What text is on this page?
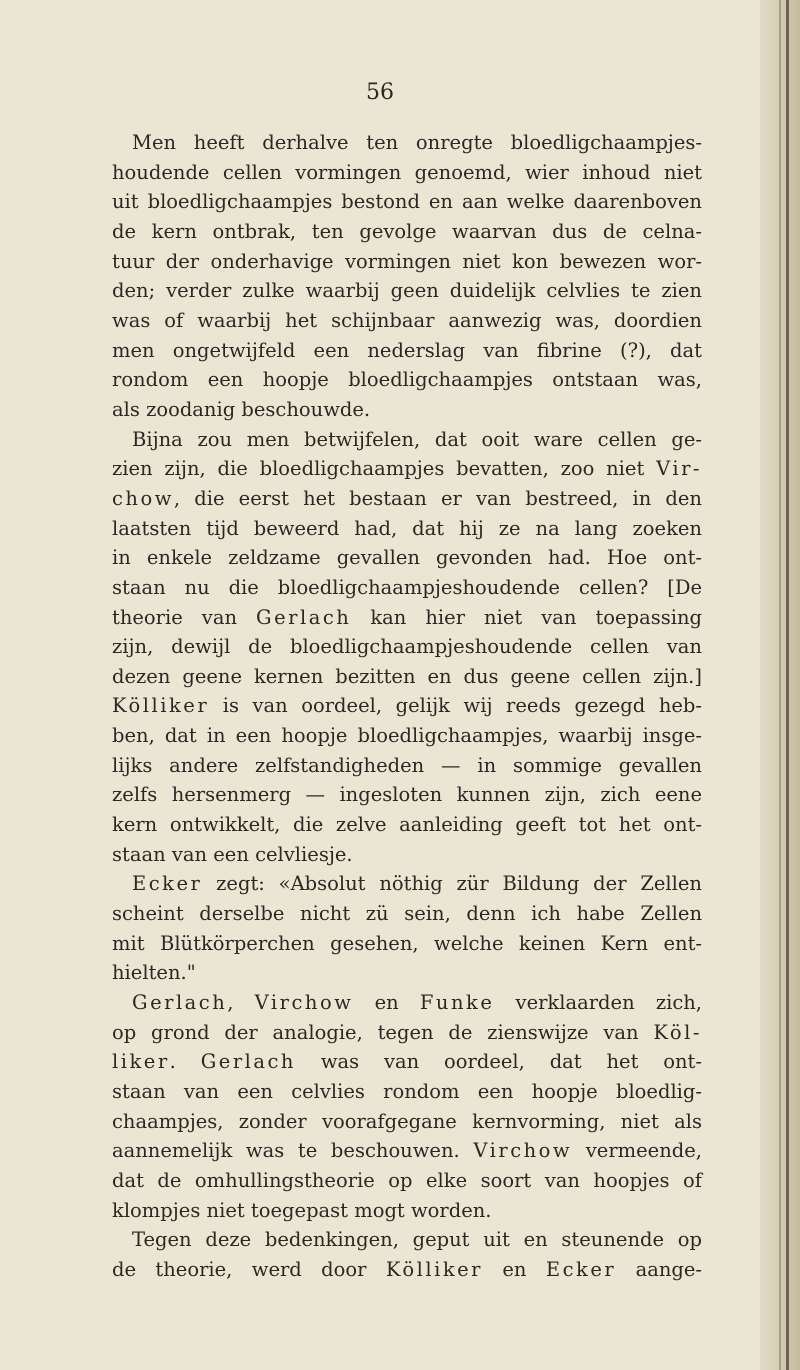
56
Men heeft derhalve ten onregte bloedligchaampjes-
houdende cellen vormingen genoemd, wier inhoud niet
uit bloedligchaampjes bestond en aan welke daarenboven
de kern ontbrak, ten gevolge waarvan dus de celna-
tuur der onderhavige vormingen niet kon bewezen wor-
den; verder zulke waarbij geen duidelijk celvlies te zien
was of waarbij het schijnbaar aanwezig was, doordien
men ongetwijfeld een nederslag van fibrine (?), dat
rondom een hoopje bloedligchaampjes ontstaan was,
als zoodanig beschouwde.
Bijna zou men betwijfelen, dat ooit ware cellen ge-
zien zijn, die bloedligchaampjes bevatten, zoo niet Vir-
chow, die eerst het bestaan er van bestreed, in den
laatsten tijd beweerd had, dat hij ze na lang zoeken
in enkele zeldzame gevallen gevonden had. Hoe ont-
staan nu die bloedligchaampjeshoudende cellen? [De
theorie van Gerlach kan hier niet van toepassing
zijn, dewijl de bloedligchaampjeshoudende cellen van
dezen geene kernen bezitten en dus geene cellen zijn.]
Kölliker is van oordeel, gelijk wij reeds gezegd heb-
ben, dat in een hoopje bloedligchaampjes, waarbij insge-
lijks andere zelfstandigheden — in sommige gevallen
zelfs hersenmerg — ingesloten kunnen zijn, zich eene
kern ontwikkelt, die zelve aanleiding geeft tot het ont-
staan van een celvliesje.
Ecker zegt: «Absolut nöthig zür Bildung der Zellen
scheint derselbe nicht zü sein, denn ich habe Zellen
mit Blütkörperchen gesehen, welche keinen Kern ent-
hielten."
Gerlach, Virchow en Funke verklaarden zich,
op grond der analogie, tegen de zienswijze van Köl-
liker. Gerlach was van oordeel, dat het ont-
staan van een celvlies rondom een hoopje bloedlig-
chaampjes, zonder voorafgegane kernvorming, niet als
aannemelijk was te beschouwen. Virchow vermeende,
dat de omhullingstheorie op elke soort van hoopjes of
klompjes niet toegepast mogt worden.
Tegen deze bedenkingen, geput uit en steunende op
de theorie, werd door Kölliker en Ecker aange-
